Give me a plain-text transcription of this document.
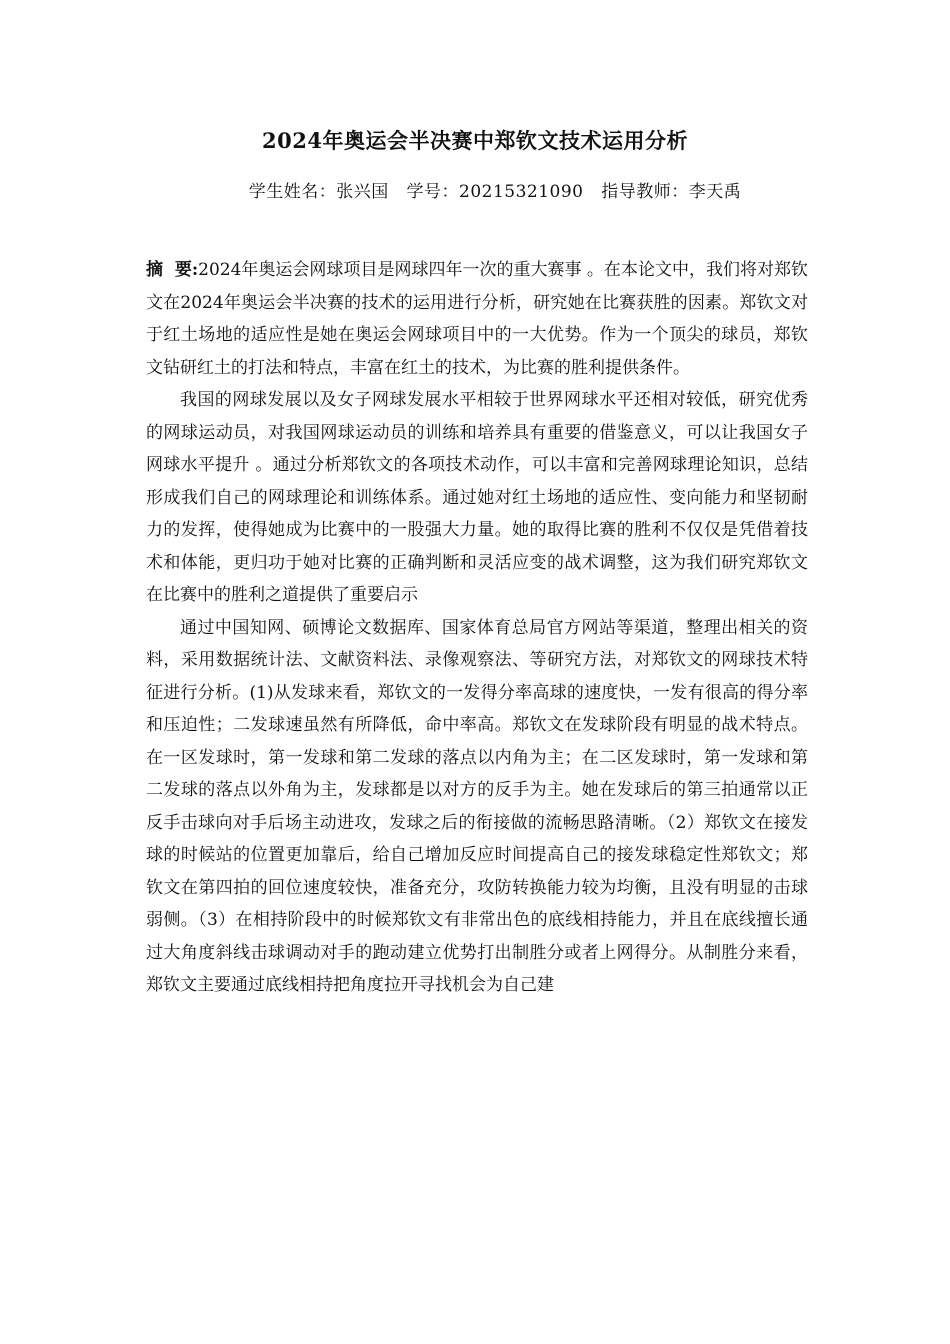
2024年奥运会半决赛中郑钦文技术运用分析
学生姓名：张兴国 学号：20215321090 指导教师：李天禹

摘  要:2024年奥运会网球项目是网球四年一次的重大赛事 。在本论文中，我们将对郑钦文在2024年奥运会半决赛的技术的运用进行分析，研究她在比赛获胜的因素。郑钦文对于红土场地的适应性是她在奥运会网球项目中的一大优势。作为一个顶尖的球员，郑钦文钻研红土的打法和特点，丰富在红土的技术，为比赛的胜利提供条件。

我国的网球发展以及女子网球发展水平相较于世界网球水平还相对较低，研究优秀的网球运动员，对我国网球运动员的训练和培养具有重要的借鉴意义，可以让我国女子网球水平提升 。通过分析郑钦文的各项技术动作，可以丰富和完善网球理论知识，总结形成我们自己的网球理论和训练体系。通过她对红土场地的适应性、变向能力和坚韧耐力的发挥，使得她成为比赛中的一股强大力量。她的取得比赛的胜利不仅仅是凭借着技术和体能，更归功于她对比赛的正确判断和灵活应变的战术调整，这为我们研究郑钦文在比赛中的胜利之道提供了重要启示

通过中国知网、硕博论文数据库、国家体育总局官方网站等渠道，整理出相关的资料，采用数据统计法、文献资料法、录像观察法、等研究方法，对郑钦文的网球技术特征进行分析。(1)从发球来看，郑钦文的一发得分率高球的速度快，一发有很高的得分率和压迫性；二发球速虽然有所降低，命中率高。郑钦文在发球阶段有明显的战术特点。在一区发球时，第一发球和第二发球的落点以内角为主；在二区发球时，第一发球和第二发球的落点以外角为主，发球都是以对方的反手为主。她在发球后的第三拍通常以正反手击球向对手后场主动进攻，发球之后的衔接做的流畅思路清晰。（2）郑钦文在接发球的时候站的位置更加靠后，给自己增加反应时间提高自己的接发球稳定性郑钦文；郑钦文在第四拍的回位速度较快，准备充分，攻防转换能力较为均衡，且没有明显的击球弱侧。（3）在相持阶段中的时候郑钦文有非常出色的底线相持能力，并且在底线擅长通过大角度斜线击球调动对手的跑动建立优势打出制胜分或者上网得分。从制胜分来看，郑钦文主要通过底线相持把角度拉开寻找机会为自己建
